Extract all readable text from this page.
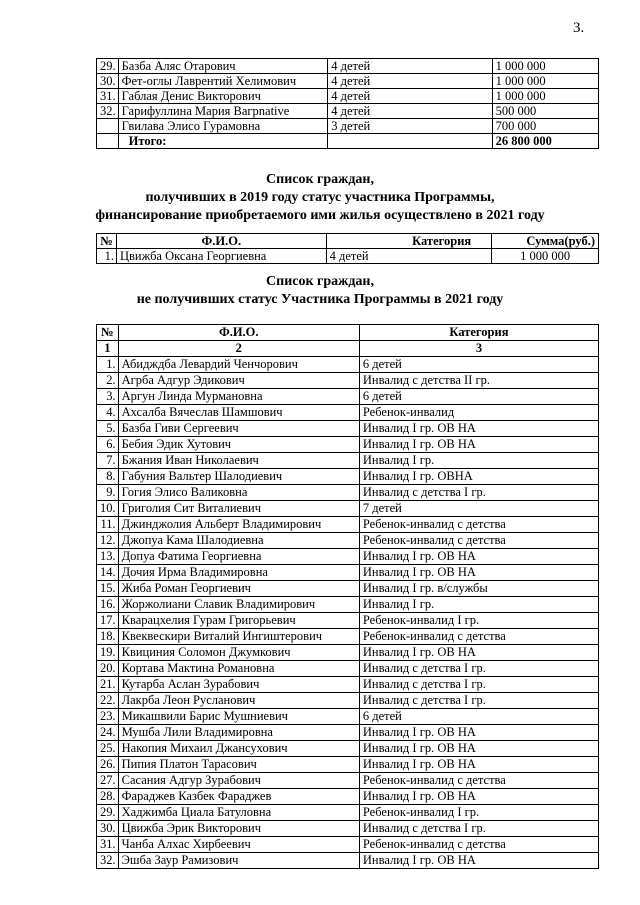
3.
29.	Базба Аляс Отарович	4 детей	1 000 000
30.	Фет-оглы Лаврентий Хелимович	4 детей	1 000 000
31.	Габлая Денис Викторович	4 детей	1 000 000
32.	Гарифуллина Мария Вагрnative	4 детей	500 000
	Гвилава Элисо Гурамовна	3 детей	700 000
	Итого:		26 800 000
Список граждан,
получивших в 2019 году статус участника Программы,
финансирование приобретаемого ими жилья осуществлено в 2021 году
№	Ф.И.О.	Категория	Сумма(руб.)
1.	Цвижба Оксана Георгиевна	4 детей	1 000 000
Список граждан,
не получивших статус Участника Программы в 2021 году
№	Ф.И.О.	Категория
1	2	3
1.	Абидждба Левардий Ченчорович	6 детей
2.	Агрба Адгур Эдикович	Инвалид с детства II гр.
3.	Аргун Линда Мурмановна	6 детей
4.	Ахсалба Вячеслав Шамшович	Ребенок-инвалид
5.	Базба Гиви Сергеевич	Инвалид I гр. ОВ НА
6.	Бебия Эдик Хутович	Инвалид I гр. ОВ НА
7.	Бжания Иван Николаевич	Инвалид I гр.
8.	Габуния Вальтер Шалодиевич	Инвалид I гр. ОВНА
9.	Гогия Элисо Валиковна	Инвалид с детства I гр.
10.	Григолия Сит Виталиевич	7 детей
11.	Джинджолия Альберт Владимирович	Ребенок-инвалид с детства
12.	Джопуа Кама Шалодиевна	Ребенок-инвалид с детства
13.	Допуа Фатима Георгиевна	Инвалид I гр. ОВ НА
14.	Дочия Ирма Владимировна	Инвалид I гр. ОВ НА
15.	Жиба Роман Георгиевич	Инвалид I гр. в/службы
16.	Жоржолиани Славик Владимирович	Инвалид I гр.
17.	Кварацхелия Гурам Григорьевич	Ребенок-инвалид I гр.
18.	Квеквескири Виталий Ингиштерович	Ребенок-инвалид с детства
19.	Квициния Соломон Джумкович	Инвалид I гр. ОВ НА
20.	Кортава Мактина Романовна	Инвалид с детства I гр.
21.	Кутарба Аслан Зурабович	Инвалид с детства I гр.
22.	Лакрба Леон Русланович	Инвалид с детства I гр.
23.	Микашвили Барис Мушниевич	6 детей
24.	Мушба Лили Владимировна	Инвалид I гр. ОВ НА
25.	Накопия Михаил Джансухович	Инвалид I гр. ОВ НА
26.	Пипия Платон Тарасович	Инвалид I гр. ОВ НА
27.	Сасания Адгур Зурабович	Ребенок-инвалид с детства
28.	Фараджев Казбек Фараджев	Инвалид I гр. ОВ НА
29.	Хаджимба Циала Батуловна	Ребенок-инвалид I гр.
30.	Цвижба Эрик Викторович	Инвалид с детства I гр.
31.	Чанба Алхас Хирбеевич	Ребенок-инвалид с детства
32.	Эшба Заур Рамизович	Инвалид I гр. ОВ НА
